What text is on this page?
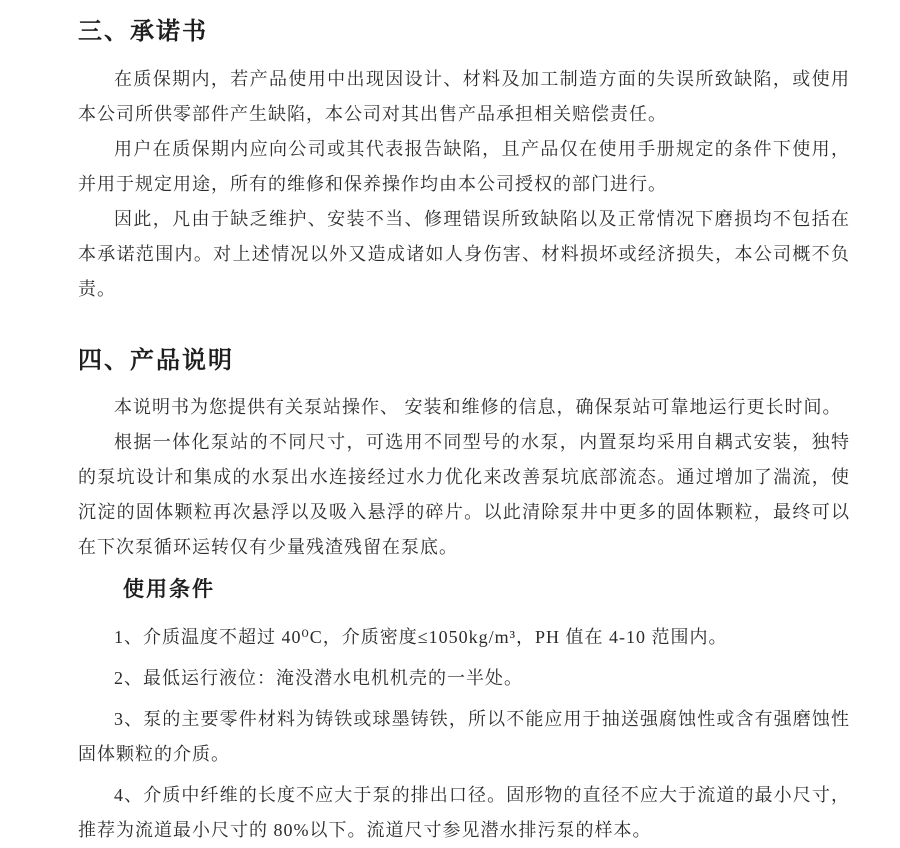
三、承诺书

在质保期内，若产品使用中出现因设计、材料及加工制造方面的失误所致缺陷，或使用本公司所供零部件产生缺陷，本公司对其出售产品承担相关赔偿责任。

用户在质保期内应向公司或其代表报告缺陷，且产品仅在使用手册规定的条件下使用，并用于规定用途，所有的维修和保养操作均由本公司授权的部门进行。

因此，凡由于缺乏维护、安装不当、修理错误所致缺陷以及正常情况下磨损均不包括在本承诺范围内。对上述情况以外又造成诸如人身伤害、材料损坏或经济损失，本公司概不负责。

四、产品说明

本说明书为您提供有关泵站操作、 安装和维修的信息，确保泵站可靠地运行更长时间。

根据一体化泵站的不同尺寸，可选用不同型号的水泵，内置泵均采用自耦式安装，独特的泵坑设计和集成的水泵出水连接经过水力优化来改善泵坑底部流态。通过增加了湍流，使沉淀的固体颗粒再次悬浮以及吸入悬浮的碎片。以此清除泵井中更多的固体颗粒，最终可以在下次泵循环运转仅有少量残渣残留在泵底。

使用条件

1、介质温度不超过 40⁰C，介质密度≤1050kg/m³，PH 值在 4-10 范围内。

2、最低运行液位：淹没潜水电机机壳的一半处。

3、泵的主要零件材料为铸铁或球墨铸铁，所以不能应用于抽送强腐蚀性或含有强磨蚀性固体颗粒的介质。

4、介质中纤维的长度不应大于泵的排出口径。固形物的直径不应大于流道的最小尺寸，推荐为流道最小尺寸的 80%以下。流道尺寸参见潜水排污泵的样本。
